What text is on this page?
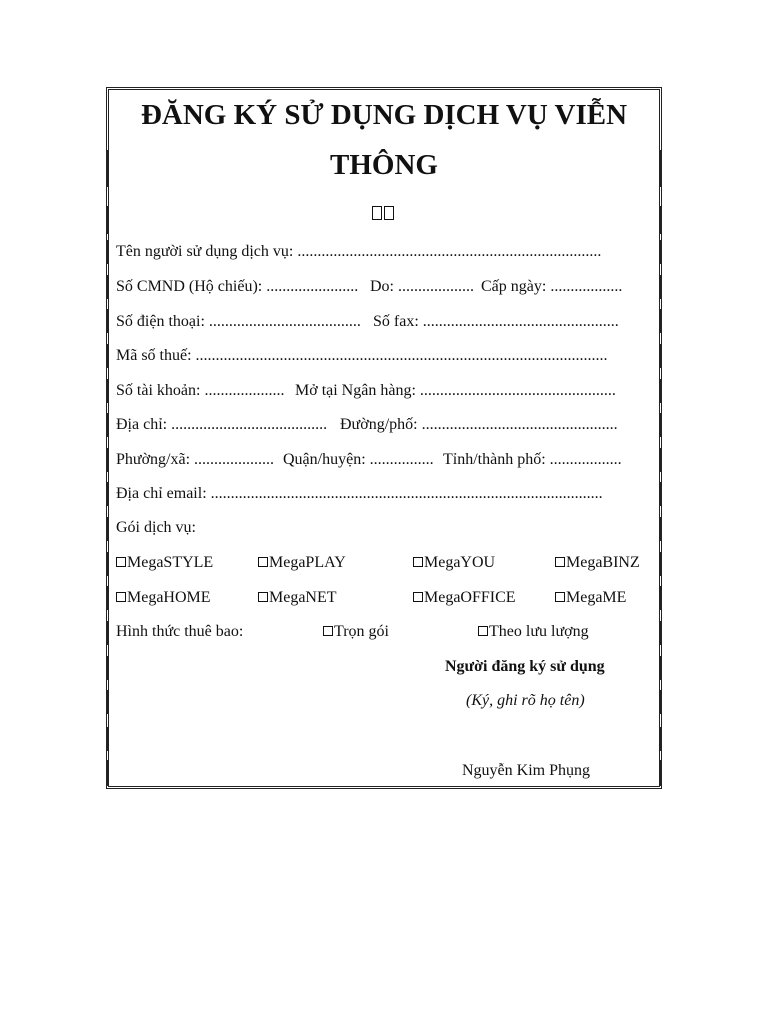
ĐĂNG KÝ SỬ DỤNG DỊCH VỤ VIỄN
THÔNG
Tên người sử dụng dịch vụ: ............................................................................
Số CMND (Hộ chiếu): ....................... Do: ................... Cấp ngày: ..................
Số điện thoại: ...................................... Số fax: .................................................
Mã số thuế: .......................................................................................................
Số tài khoản: .................... Mở tại Ngân hàng: .................................................
Địa chỉ: ....................................... Đường/phố: .................................................
Phường/xã: .................... Quận/huyện: ................ Tỉnh/thành phố: ..................
Địa chỉ email: ..................................................................................................
Gói dịch vụ:
MegaSTYLE	MegaPLAY	MegaYOU	MegaBINZ
MegaHOME	MegaNET	MegaOFFICE	MegaME
Hình thức thuê bao:	Trọn gói	Theo lưu lượng
Người đăng ký sử dụng
(Ký, ghi rõ họ tên)
Nguyễn Kim Phụng
